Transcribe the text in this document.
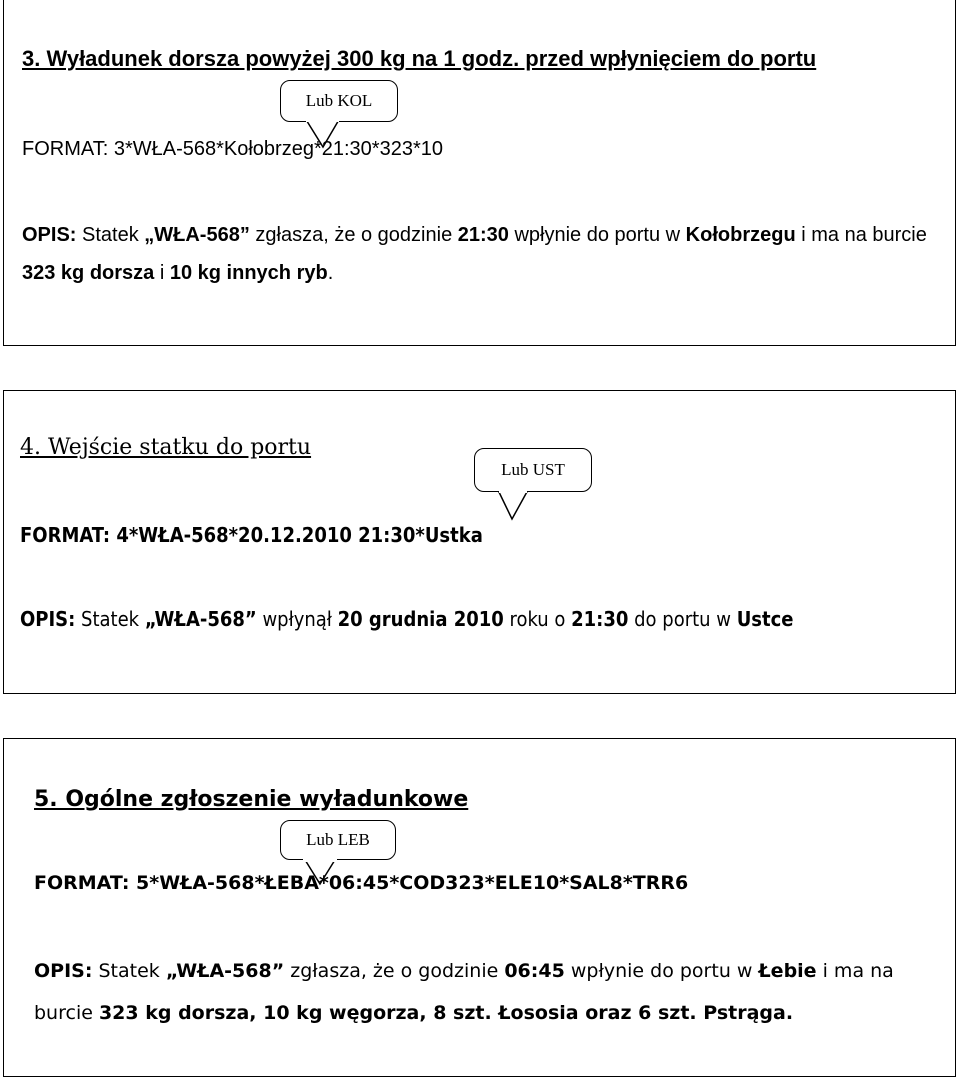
3. Wyładunek dorsza powyżej 300 kg na 1 godz. przed wpłynięciem do portu
Lub KOL

FORMAT: 3*WŁA-568*Kołobrzeg*21:30*323*10

OPIS: Statek „WŁA-568” zgłasza, że o godzinie 21:30 wpłynie do portu w Kołobrzegu i ma na burcie 323 kg dorsza i 10 kg innych ryb.

4. Wejście statku do portu
Lub UST

FORMAT: 4*WŁA-568*20.12.2010 21:30*Ustka

OPIS: Statek „WŁA-568” wpłynął 20 grudnia 2010 roku o 21:30 do portu w Ustce

5. Ogólne zgłoszenie wyładunkowe
Lub LEB

FORMAT: 5*WŁA-568*ŁEBA*06:45*COD323*ELE10*SAL8*TRR6

OPIS: Statek „WŁA-568” zgłasza, że o godzinie 06:45 wpłynie do portu w Łebie i ma na burcie 323 kg dorsza, 10 kg węgorza, 8 szt. Łososia oraz 6 szt. Pstrąga.
